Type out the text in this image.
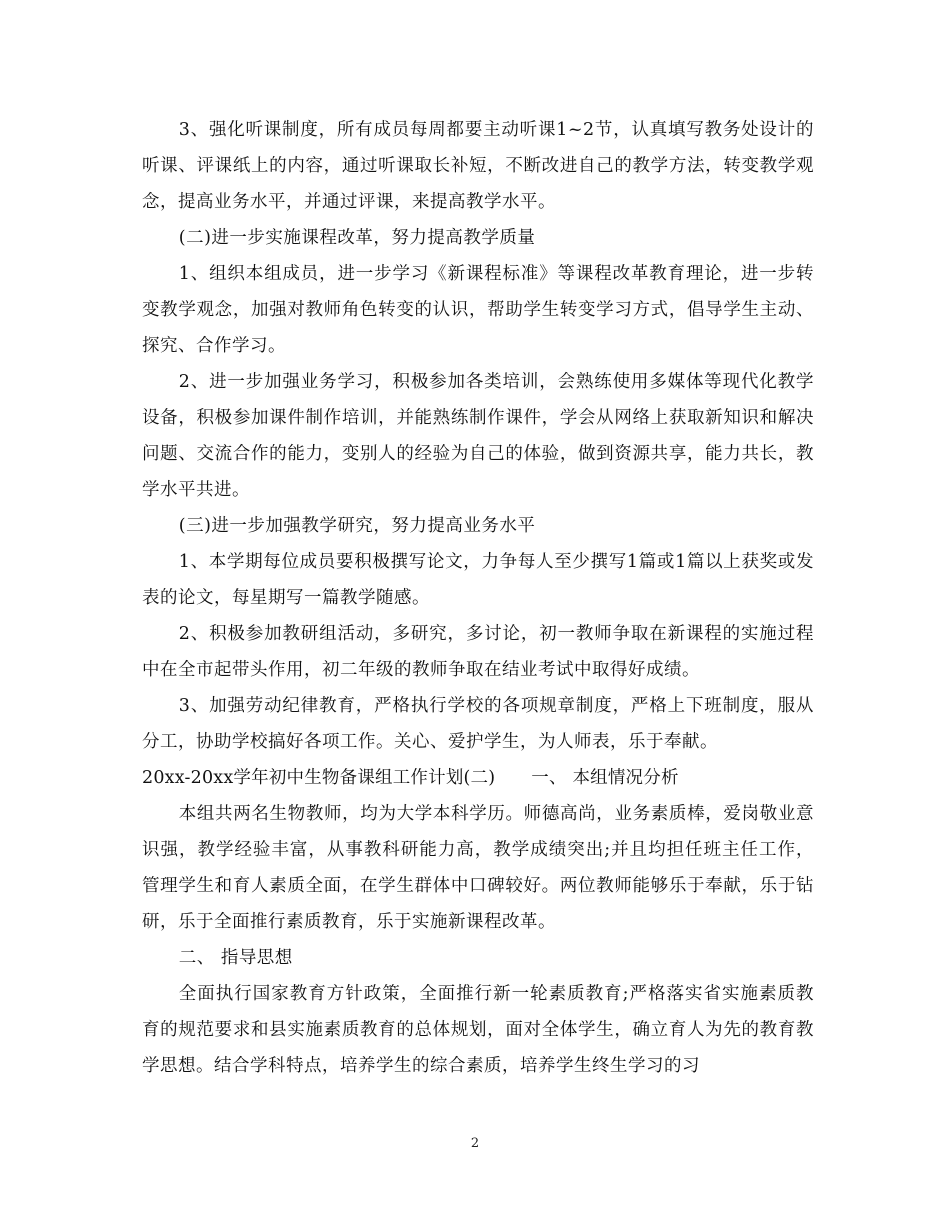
3、强化听课制度，所有成员每周都要主动听课1~2节，认真填写教务处设计的听课、评课纸上的内容，通过听课取长补短，不断改进自己的教学方法，转变教学观念，提高业务水平，并通过评课，来提高教学水平。

(二)进一步实施课程改革，努力提高教学质量

1、组织本组成员，进一步学习《新课程标准》等课程改革教育理论，进一步转变教学观念，加强对教师角色转变的认识，帮助学生转变学习方式，倡导学生主动、探究、合作学习。

2、进一步加强业务学习，积极参加各类培训，会熟练使用多媒体等现代化教学设备，积极参加课件制作培训，并能熟练制作课件，学会从网络上获取新知识和解决问题、交流合作的能力，变别人的经验为自己的体验，做到资源共享，能力共长，教学水平共进。

(三)进一步加强教学研究，努力提高业务水平

1、本学期每位成员要积极撰写论文，力争每人至少撰写1篇或1篇以上获奖或发表的论文，每星期写一篇教学随感。

2、积极参加教研组活动，多研究，多讨论，初一教师争取在新课程的实施过程中在全市起带头作用，初二年级的教师争取在结业考试中取得好成绩。

3、加强劳动纪律教育，严格执行学校的各项规章制度，严格上下班制度，服从分工，协助学校搞好各项工作。关心、爱护学生，为人师表，乐于奉献。

20xx-20xx学年初中生物备课组工作计划(二) 一、 本组情况分析

本组共两名生物教师，均为大学本科学历。师德高尚，业务素质棒，爱岗敬业意识强，教学经验丰富，从事教科研能力高，教学成绩突出;并且均担任班主任工作，管理学生和育人素质全面，在学生群体中口碑较好。两位教师能够乐于奉献，乐于钻研，乐于全面推行素质教育，乐于实施新课程改革。

二、 指导思想

全面执行国家教育方针政策，全面推行新一轮素质教育;严格落实省实施素质教育的规范要求和县实施素质教育的总体规划，面对全体学生，确立育人为先的教育教学思想。结合学科特点，培养学生的综合素质，培养学生终生学习的习

2
